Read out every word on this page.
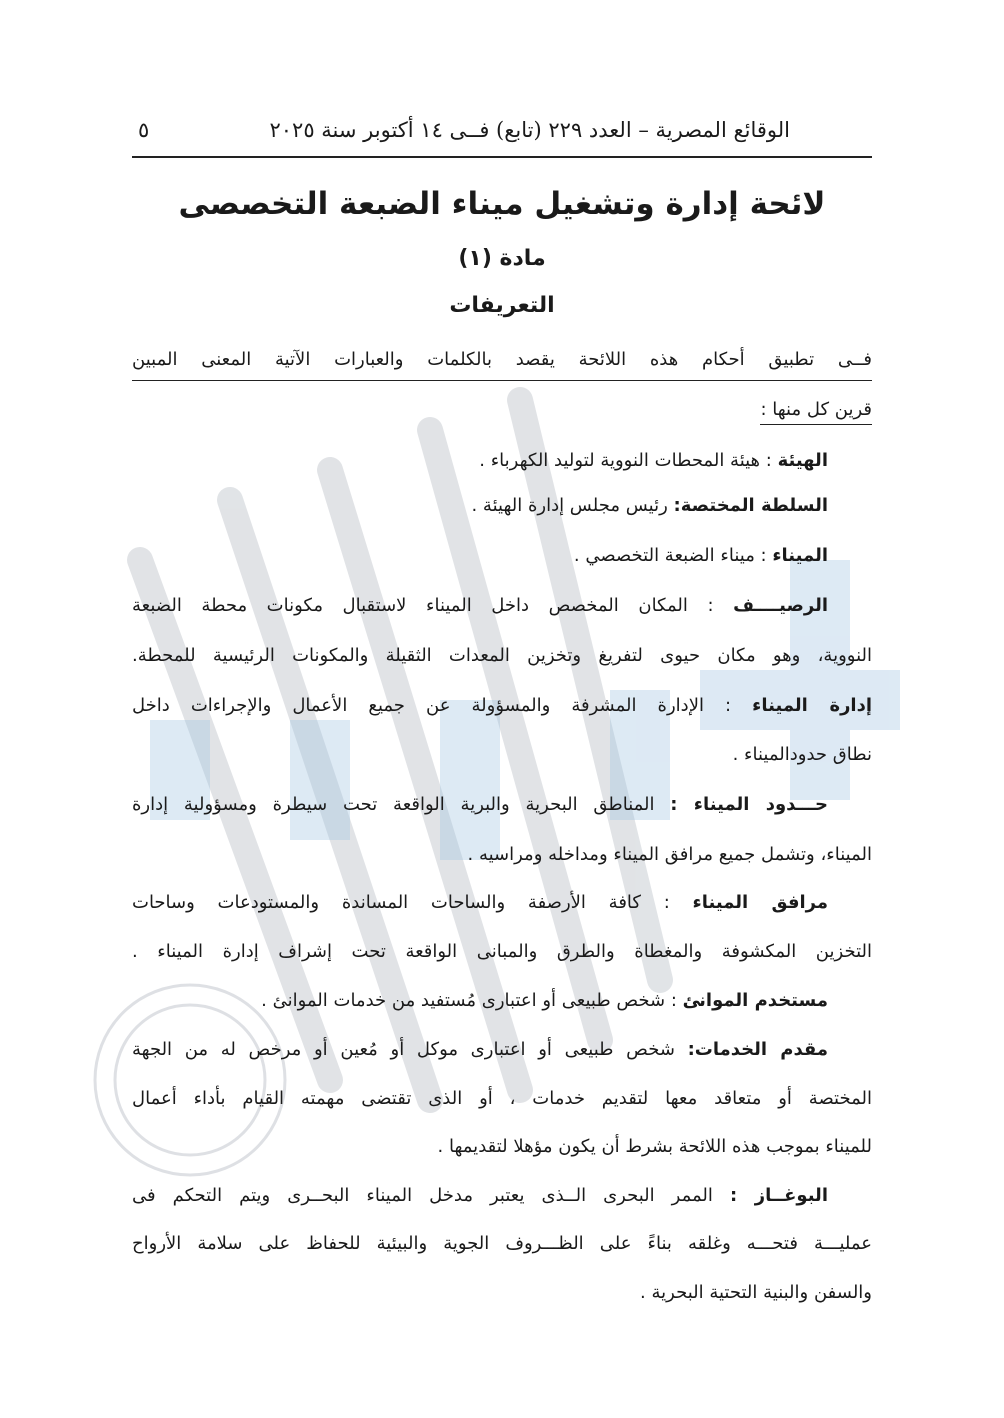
الوقائع المصرية – العدد ٢٢٩ (تابع) فــى ١٤ أكتوبر سنة ٢٠٢٥
٥
لائحة إدارة وتشغيل ميناء الضبعة التخصصى
مادة (١)
التعريفات
فــى تطبيق أحكام هذه اللائحة يقصد بالكلمات والعبارات الآتية المعنى المبين
قرين كل منها :
الهيئة : هيئة المحطات النووية لتوليد الكهرباء .
السلطة المختصة: رئيس مجلس إدارة الهيئة .
الميناء : ميناء الضبعة التخصصي .
الرصيــــف : المكان المخصص داخل الميناء لاستقبال مكونات محطة الضبعة
النووية، وهو مكان حيوى لتفريغ وتخزين المعدات الثقيلة والمكونات الرئيسية للمحطة.
إدارة الميناء : الإدارة المشرفة والمسؤولة عن جميع الأعمال والإجراءات داخل
نطاق حدودالميناء .
حـــدود الميناء : المناطق البحرية والبرية الواقعة تحت سيطرة ومسؤولية إدارة
الميناء، وتشمل جميع مرافق الميناء ومداخله ومراسيه .
مرافق الميناء : كافة الأرصفة والساحات المساندة والمستودعات وساحات
التخزين المكشوفة والمغطاة والطرق والمبانى الواقعة تحت إشراف إدارة الميناء .
مستخدم الموانئ : شخص طبيعى أو اعتبارى مُستفيد من خدمات الموانئ .
مقدم الخدمات: شخص طبيعى أو اعتبارى موكل أو مُعين أو مرخص له من الجهة
المختصة أو متعاقد معها لتقديم خدمات ، أو الذى تقتضى مهمته القيام بأداء أعمال
للميناء بموجب هذه اللائحة بشرط أن يكون مؤهلا لتقديمها .
البوغــاز : الممر البحرى الــذى يعتبر مدخل الميناء البحــرى ويتم التحكم فى
عمليـــة فتحـــه وغلقه بناءً على الظـــروف الجوية والبيئية للحفاظ على سلامة الأرواح
والسفن والبنية التحتية البحرية .
